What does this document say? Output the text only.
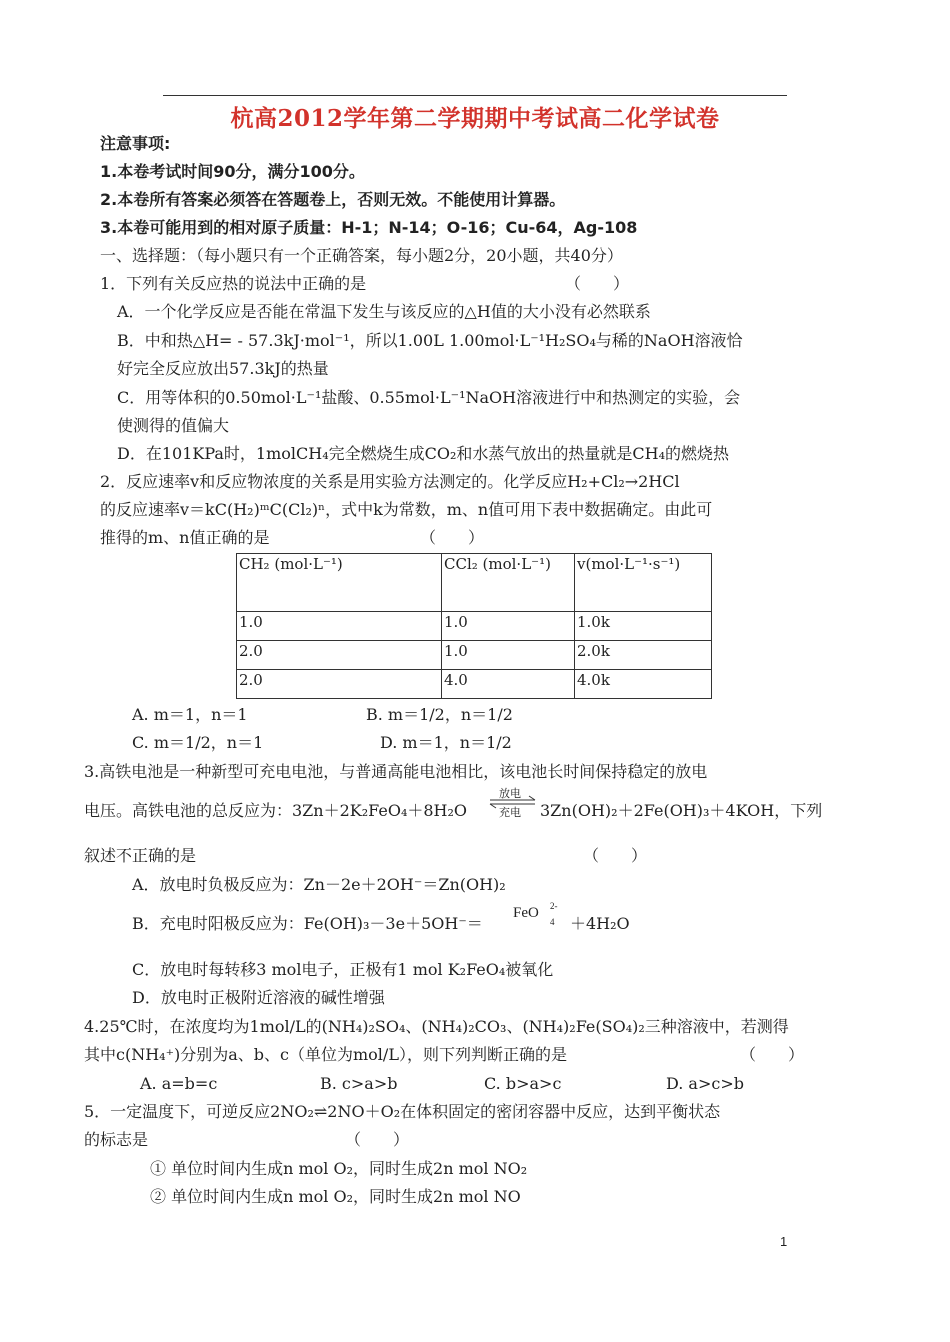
杭高2012学年第二学期期中考试高二化学试卷
注意事项:
1.本卷考试时间90分，满分100分。
2.本卷所有答案必须答在答题卷上，否则无效。不能使用计算器。
3.本卷可能用到的相对原子质量：H-1；N-14；O-16；Cu-64，Ag-108
一、选择题：（每小题只有一个正确答案，每小题2分，20小题，共40分）
1．下列有关反应热的说法中正确的是	（　　）
A．一个化学反应是否能在常温下发生与该反应的△H值的大小没有必然联系
B．中和热△H= - 57.3kJ·mol⁻¹，所以1.00L 1.00mol·L⁻¹H₂SO₄与稀的NaOH溶液恰
好完全反应放出57.3kJ的热量
C．用等体积的0.50mol·L⁻¹盐酸、0.55mol·L⁻¹NaOH溶液进行中和热测定的实验，会
使测得的值偏大
D．在101KPa时，1molCH₄完全燃烧生成CO₂和水蒸气放出的热量就是CH₄的燃烧热
2．反应速率v和反应物浓度的关系是用实验方法测定的。化学反应H₂+Cl₂→2HCl
的反应速率v＝kC(H₂)ᵐC(Cl₂)ⁿ，式中k为常数，m、n值可用下表中数据确定。由此可
推得的m、n值正确的是	（　　）
CH₂ (mol·L⁻¹)	CCl₂ (mol·L⁻¹)	v(mol·L⁻¹·s⁻¹)
1.0	1.0	1.0k
2.0	1.0	2.0k
2.0	4.0	4.0k
A. m＝1，n＝1	B. m＝1/2，n＝1/2
C. m＝1/2，n＝1	D. m＝1，n＝1/2
3.高铁电池是一种新型可充电电池，与普通高能电池相比，该电池长时间保持稳定的放电
电压。高铁电池的总反应为：3Zn＋2K₂FeO₄＋8H₂O
放电
充电 3Zn(OH)₂＋2Fe(OH)₃＋4KOH，下列
叙述不正确的是	（　　）
A．放电时负极反应为：Zn－2e＋2OH⁻＝Zn(OH)₂
B．充电时阳极反应为：Fe(OH)₃－3e＋5OH⁻＝
FeO 2-
4 ＋4H₂O
C．放电时每转移3 mol电子，正极有1 mol K₂FeO₄被氧化
D．放电时正极附近溶液的碱性增强
4.25℃时，在浓度均为1mol/L的(NH₄)₂SO₄、(NH₄)₂CO₃、(NH₄)₂Fe(SO₄)₂三种溶液中，若测得
其中c(NH₄⁺)分别为a、b、c（单位为mol/L），则下列判断正确的是	（　　）
A. a=b=c	B. c>a>b	C. b>a>c	D. a>c>b
5．一定温度下，可逆反应2NO₂⇌2NO＋O₂在体积固定的密闭容器中反应，达到平衡状态
的标志是	（　　）
① 单位时间内生成n mol O₂，同时生成2n mol NO₂
② 单位时间内生成n mol O₂，同时生成2n mol NO
1
